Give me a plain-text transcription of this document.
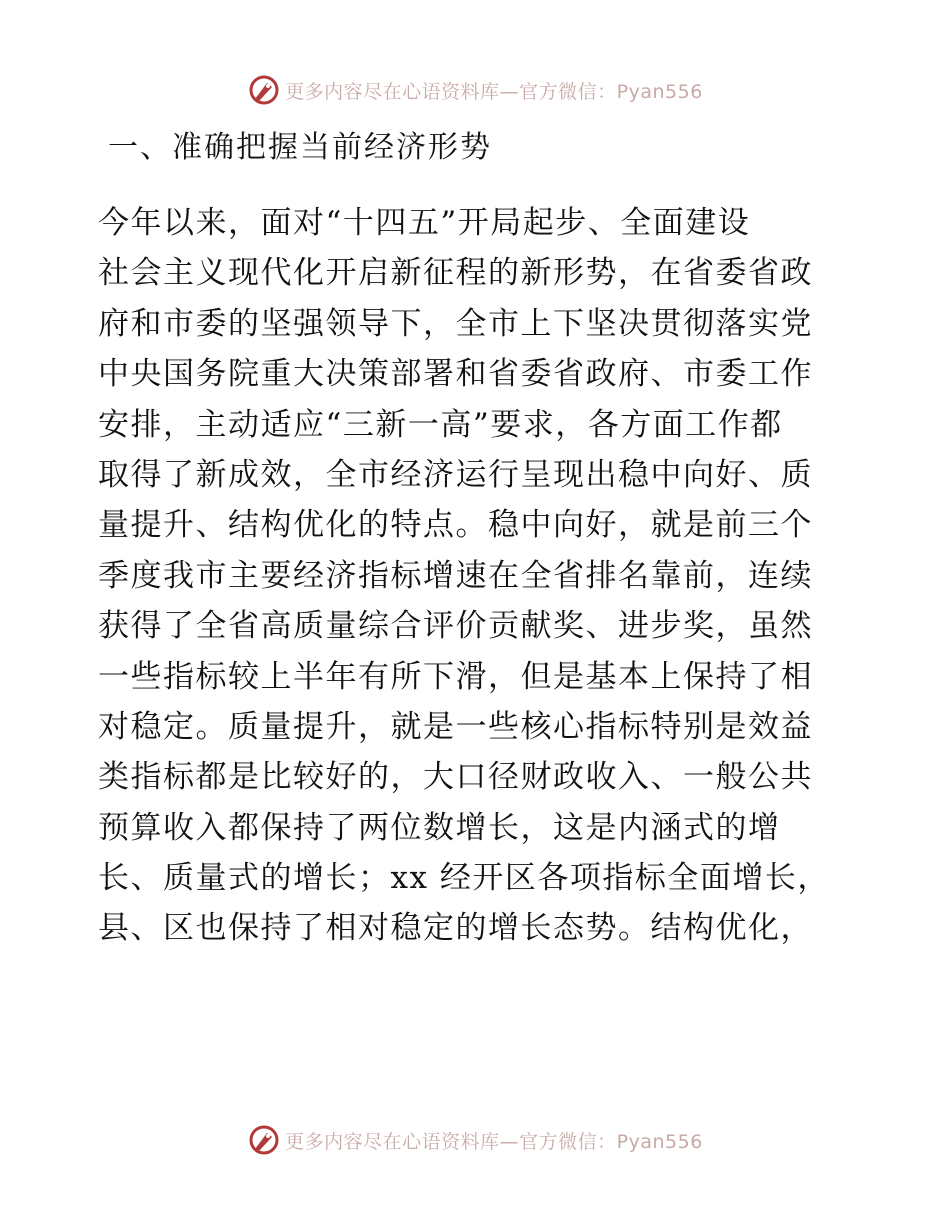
更多内容尽在心语资料库—官方微信：Pyan556
一、准确把握当前经济形势
今年以来，面对“十四五”开局起步、全面建设
社会主义现代化开启新征程的新形势，在省委省政
府和市委的坚强领导下，全市上下坚决贯彻落实党
中央国务院重大决策部署和省委省政府、市委工作
安排，主动适应“三新一高”要求，各方面工作都
取得了新成效，全市经济运行呈现出稳中向好、质
量提升、结构优化的特点。稳中向好，就是前三个
季度我市主要经济指标增速在全省排名靠前，连续
获得了全省高质量综合评价贡献奖、进步奖，虽然
一些指标较上半年有所下滑，但是基本上保持了相
对稳定。质量提升，就是一些核心指标特别是效益
类指标都是比较好的，大口径财政收入、一般公共
预算收入都保持了两位数增长，这是内涵式的增
长、质量式的增长；xx 经开区各项指标全面增长，
县、区也保持了相对稳定的增长态势。结构优化，
更多内容尽在心语资料库—官方微信：Pyan556
